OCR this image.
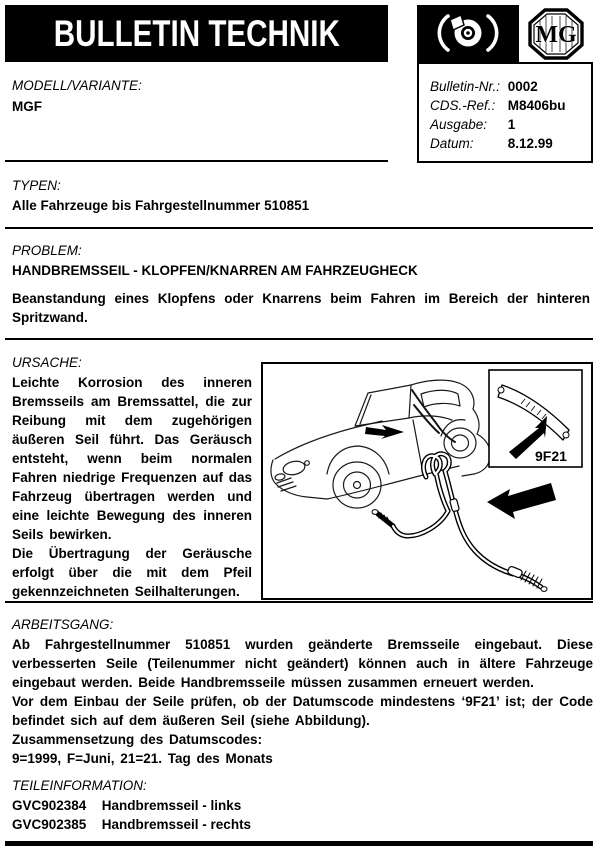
BULLETIN TECHNIK	MG
Bulletin-Nr.: 0002
CDS.-Ref.: M8406bu
Ausgabe: 1
Datum:	8.12.99
MODELL/VARIANTE:
MGF
TYPEN:
Alle Fahrzeuge bis Fahrgestellnummer 510851
PROBLEM:
HANDBREMSSEIL - KLOPFEN/KNARREN AM FAHRZEUGHECK
Beanstandung eines Klopfens oder Knarrens beim Fahren im Bereich der hinteren Spritzwand.
URSACHE:

Leichte Korrosion des inneren Bremsseils am Bremssattel, die zur Reibung mit dem zugehörigen äußeren Seil führt. Das Geräusch entsteht, wenn beim normalen Fahren niedrige Frequenzen auf das Fahrzeug übertragen werden und eine leichte Bewegung des inneren Seils bewirken.

Die Übertragung der Geräusche erfolgt über die mit dem Pfeil gekennzeichneten Seilhalterungen.

9F21
ARBEITSGANG:

Ab Fahrgestellnummer 510851 wurden geänderte Bremsseile eingebaut. Diese verbesserten Seile (Teilenummer nicht geändert) können auch in ältere Fahrzeuge eingebaut werden. Beide Handbremsseile müssen zusammen erneuert werden.

Vor dem Einbau der Seile prüfen, ob der Datumscode mindestens ‘9F21’ ist; der Code befindet sich auf dem äußeren Seil (siehe Abbildung).

Zusammensetzung des Datumscodes:

9=1999, F=Juni, 21=21. Tag des Monats

TEILEINFORMATION:
GVC902384 Handbremsseil - links
GVC902385 Handbremsseil - rechts
